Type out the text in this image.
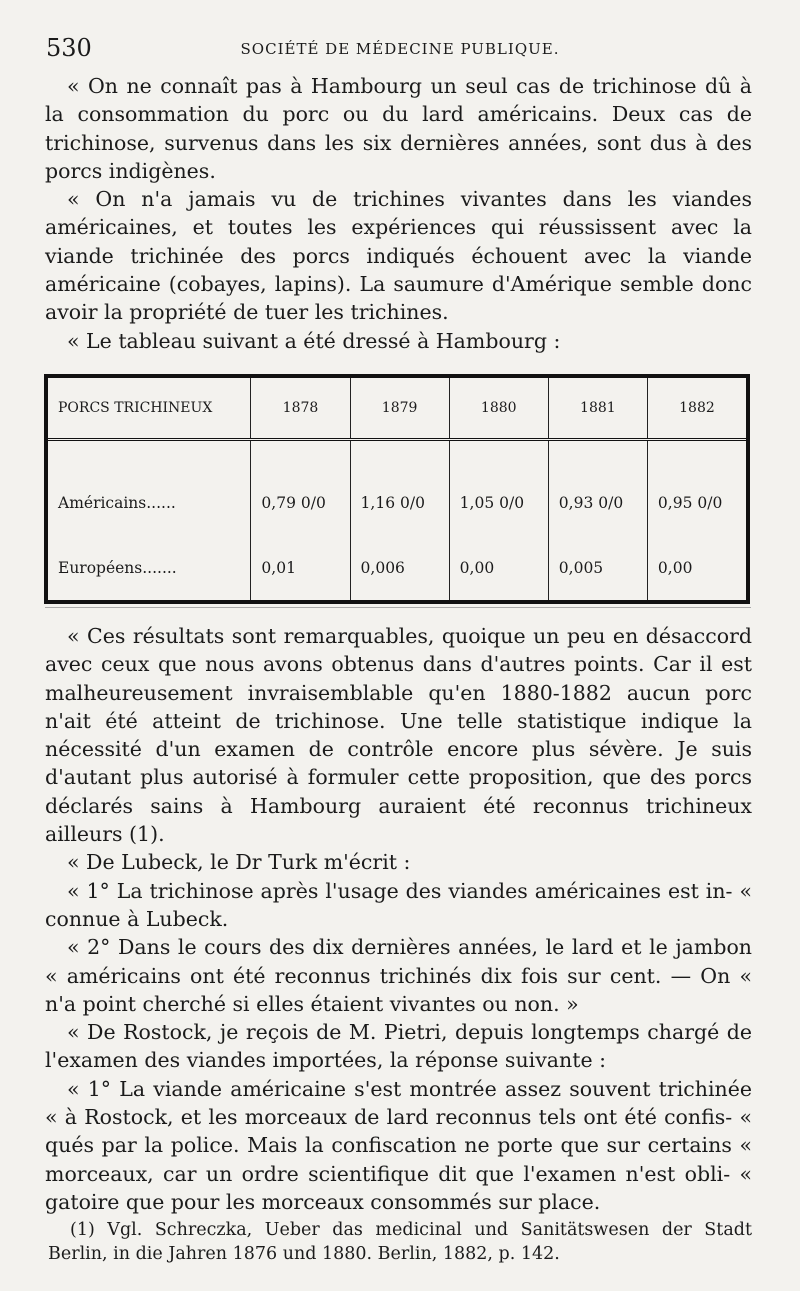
530	SOCIÉTÉ DE MÉDECINE PUBLIQUE.

« On ne connaît pas à Hambourg un seul cas de trichinose dû à la consommation du porc ou du lard américains. Deux cas de trichinose, survenus dans les six dernières années, sont dus à des porcs indigènes.

« On n'a jamais vu de trichines vivantes dans les viandes américaines, et toutes les expériences qui réussissent avec la viande trichinée des porcs indiqués échouent avec la viande américaine (cobayes, lapins). La saumure d'Amérique semble donc avoir la propriété de tuer les trichines.

« Le tableau suivant a été dressé à Hambourg :

PORCS TRICHINEUX	1878	1879	1880	1881	1882

Américains......	0,79 0/0	1,16 0/0	1,05 0/0	0,93 0/0	0,95 0/0
Européens.......	0,01	0,006	0,00	0,005	0,00

« Ces résultats sont remarquables, quoique un peu en désaccord avec ceux que nous avons obtenus dans d'autres points. Car il est malheureusement invraisemblable qu'en 1880-1882 aucun porc n'ait été atteint de trichinose. Une telle statistique indique la nécessité d'un examen de contrôle encore plus sévère. Je suis d'autant plus autorisé à formuler cette proposition, que des porcs déclarés sains à Hambourg auraient été reconnus trichineux ailleurs (1).

« De Lubeck, le Dr Turk m'écrit :

« 1° La trichinose après l'usage des viandes américaines est in- « connue à Lubeck.

« 2° Dans le cours des dix dernières années, le lard et le jambon « américains ont été reconnus trichinés dix fois sur cent. — On « n'a point cherché si elles étaient vivantes ou non. »

« De Rostock, je reçois de M. Pietri, depuis longtemps chargé de l'examen des viandes importées, la réponse suivante :

« 1° La viande américaine s'est montrée assez souvent trichinée « à Rostock, et les morceaux de lard reconnus tels ont été confis- « qués par la police. Mais la confiscation ne porte que sur certains « morceaux, car un ordre scientifique dit que l'examen n'est obli- « gatoire que pour les morceaux consommés sur place.

(1) Vgl. Schreczka, Ueber das medicinal und Sanitätswesen der Stadt Berlin, in die Jahren 1876 und 1880. Berlin, 1882, p. 142.
